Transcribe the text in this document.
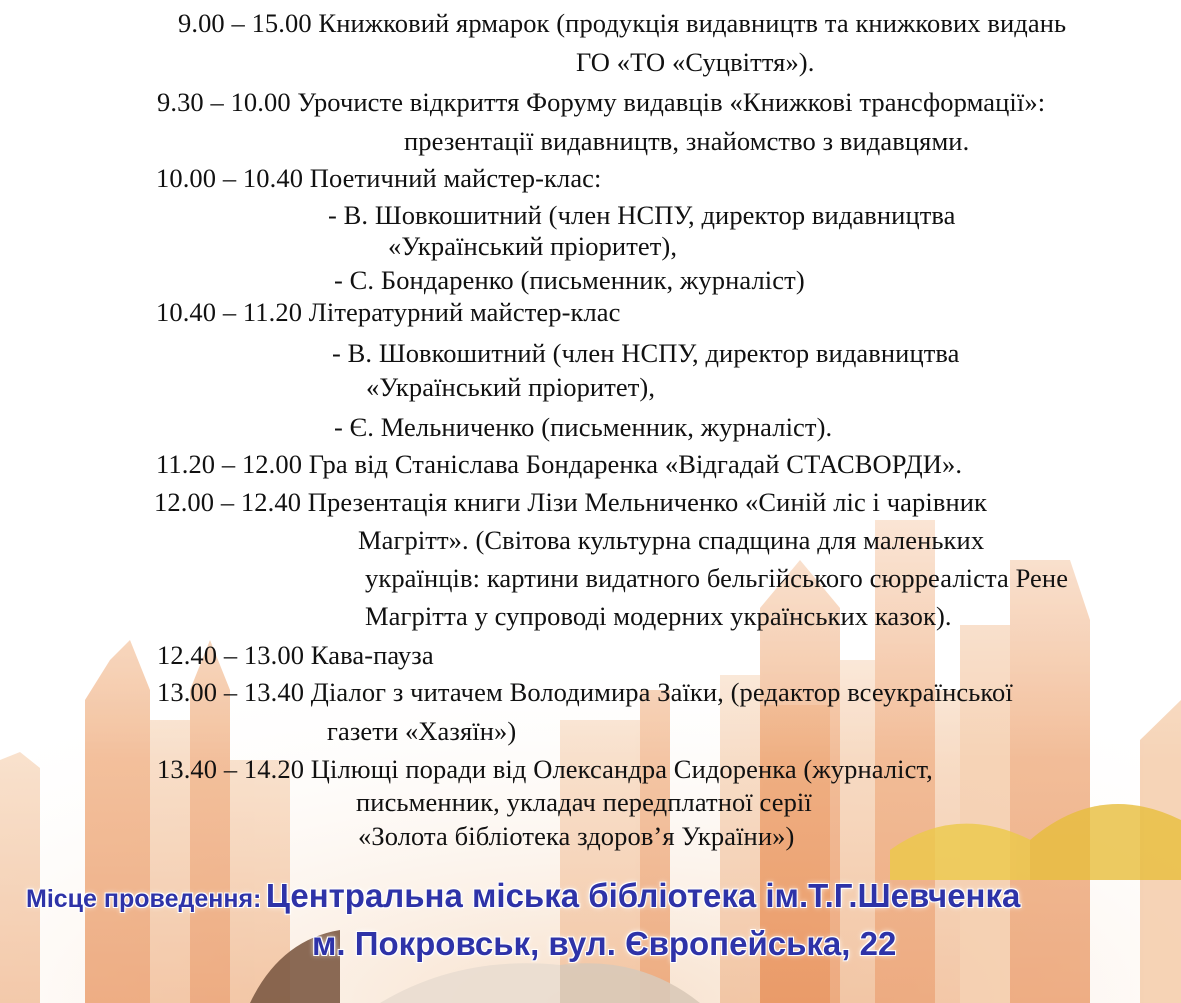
9.00 – 15.00 Книжковий ярмарок (продукція видавництв та книжкових видань
ГО «ТО «Суцвіття»).
9.30 – 10.00 Урочисте відкриття Форуму видавців «Книжкові трансформації»:
презентації видавництв, знайомство з видавцями.
10.00 – 10.40 Поетичний майстер-клас:
- В. Шовкошитний (член НСПУ, директор видавництва
«Український пріоритет),
- С. Бондаренко (письменник, журналіст)
10.40 – 11.20 Літературний майстер-клас
- В. Шовкошитний (член НСПУ, директор видавництва
«Український пріоритет),
- Є. Мельниченко (письменник, журналіст).
11.20 – 12.00 Гра від Станіслава Бондаренка «Відгадай СТАСВОРДИ».
12.00 – 12.40 Презентація книги Лізи Мельниченко «Синій ліс і чарівник
Магрітт». (Світова культурна спадщина для маленьких
українців: картини видатного бельгійського сюрреаліста Рене
Магрітта у супроводі модерних українських казок).
12.40 – 13.00 Кава-пауза
13.00 – 13.40 Діалог з читачем Володимира Заїки, (редактор всеукраїнської
газети «Хазяїн»)
13.40 – 14.20 Цілющі поради від Олександра Сидоренка (журналіст,
письменник, укладач передплатної серії
«Золота бібліотека здоров’я України»)
Місце проведення: Центральна міська бібліотека ім.Т.Г.Шевченка
м. Покровськ, вул. Європейська, 22
